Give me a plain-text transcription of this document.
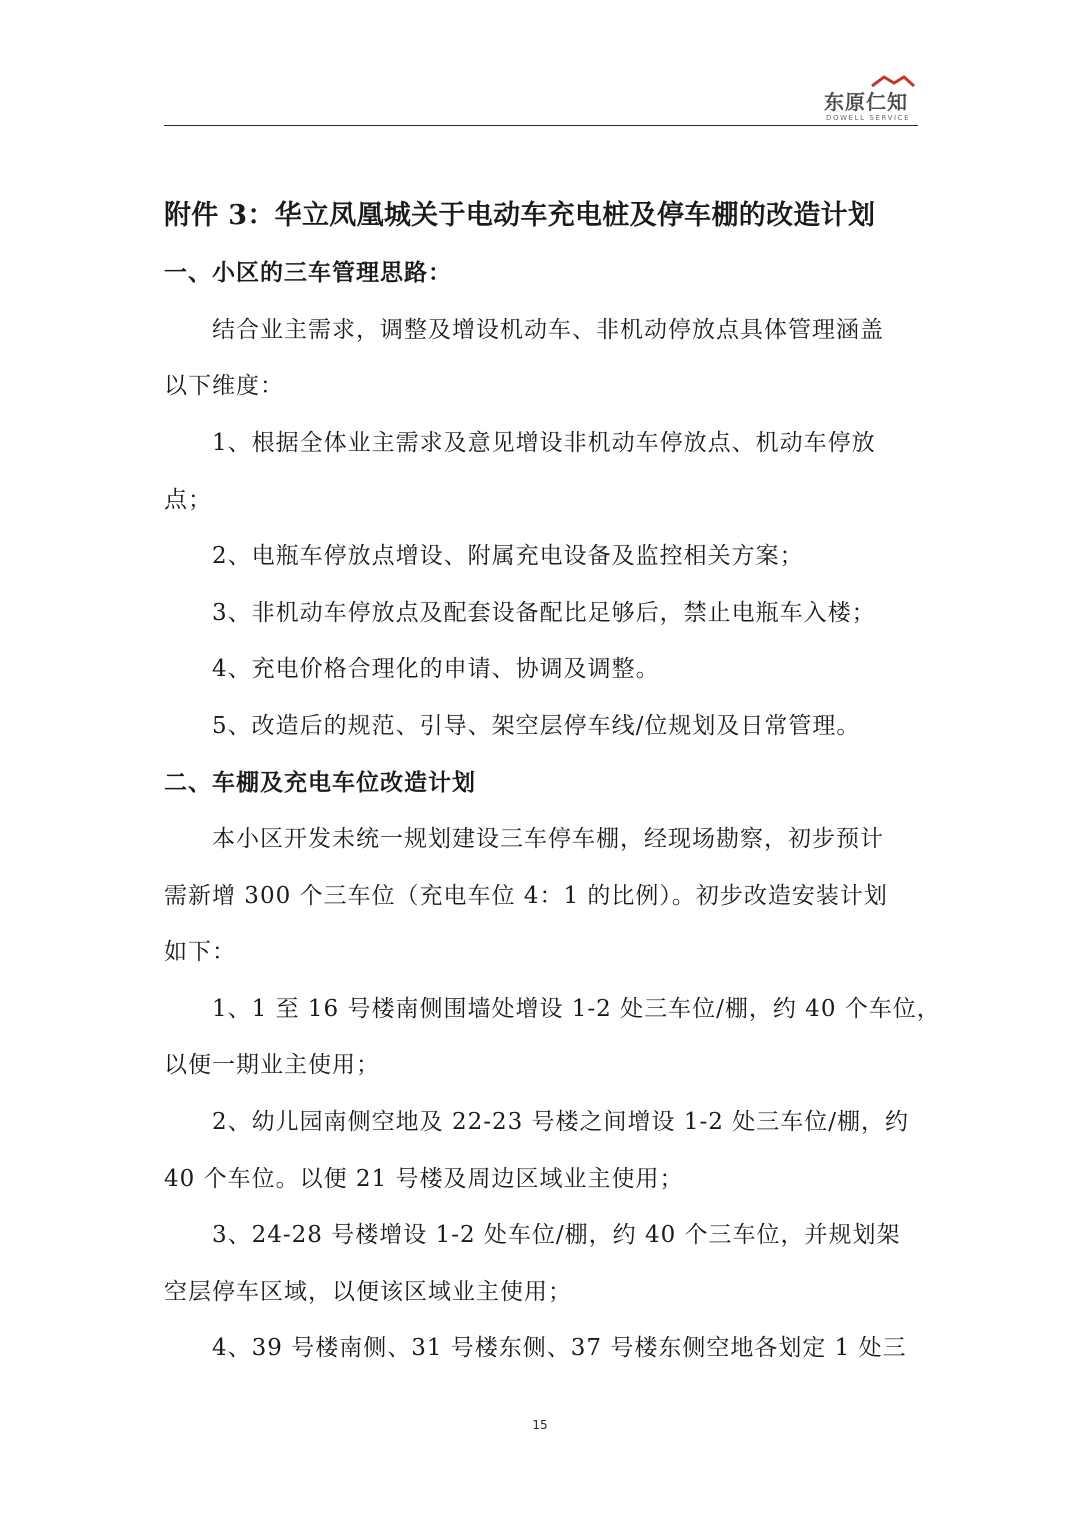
东原仁知
DOWELL SERVICE
附件 3：华立凤凰城关于电动车充电桩及停车棚的改造计划
一、小区的三车管理思路：
结合业主需求，调整及增设机动车、非机动停放点具体管理涵盖
以下维度：
1、根据全体业主需求及意见增设非机动车停放点、机动车停放
点；
2、电瓶车停放点增设、附属充电设备及监控相关方案；
3、非机动车停放点及配套设备配比足够后，禁止电瓶车入楼；
4、充电价格合理化的申请、协调及调整。
5、改造后的规范、引导、架空层停车线/位规划及日常管理。
二、车棚及充电车位改造计划
本小区开发未统一规划建设三车停车棚，经现场勘察，初步预计
需新增 300 个三车位（充电车位 4：1 的比例）。初步改造安装计划
如下：
1、1 至 16 号楼南侧围墙处增设 1-2 处三车位/棚，约 40 个车位，
以便一期业主使用；
2、幼儿园南侧空地及 22-23 号楼之间增设 1-2 处三车位/棚，约
40 个车位。以便 21 号楼及周边区域业主使用；
3、24-28 号楼增设 1-2 处车位/棚，约 40 个三车位，并规划架
空层停车区域，以便该区域业主使用；
4、39 号楼南侧、31 号楼东侧、37 号楼东侧空地各划定 1 处三
15
